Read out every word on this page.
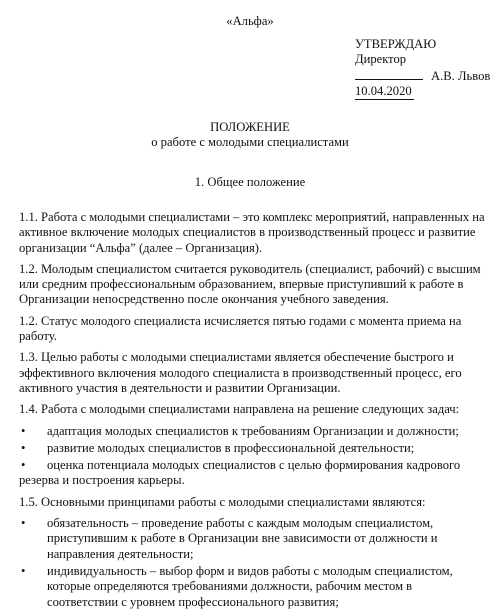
«Альфа»
УТВЕРЖДАЮ
Директор
А.В. Львов
10.04.2020
ПОЛОЖЕНИЕ
о работе с молодыми специалистами
1. Общее положение

1.1. Работа с молодыми специалистами – это комплекс мероприятий, направленных на активное включение молодых специалистов в производственный процесс и развитие организации “Альфа” (далее – Организация).

1.2. Молодым специалистом считается руководитель (специалист, рабочий) с высшим или средним профессиональным образованием, впервые приступивший к работе в Организации непосредственно после окончания учебного заведения.

1.2. Статус молодого специалиста исчисляется пятью годами с момента приема на работу.

1.3. Целью работы с молодыми специалистами является обеспечение быстрого и эффективного включения молодого специалиста в производственный процесс, его активного участия в деятельности и развитии Организации.

1.4. Работа с молодыми специалистами направлена на решение следующих задач:

• адаптация молодых специалистов к требованиям Организации и должности;
• развитие молодых специалистов в профессиональной деятельности;
• оценка потенциала молодых специалистов с целью формирования кадрового резерва и построения карьеры.

1.5. Основными принципами работы с молодыми специалистами являются:

• обязательность – проведение работы с каждым молодым специалистом, приступившим к работе в Организации вне зависимости от должности и направления деятельности;
• индивидуальность – выбор форм и видов работы с молодым специалистом, которые определяются требованиями должности, рабочим местом в соответствии с уровнем профессионального развития;
